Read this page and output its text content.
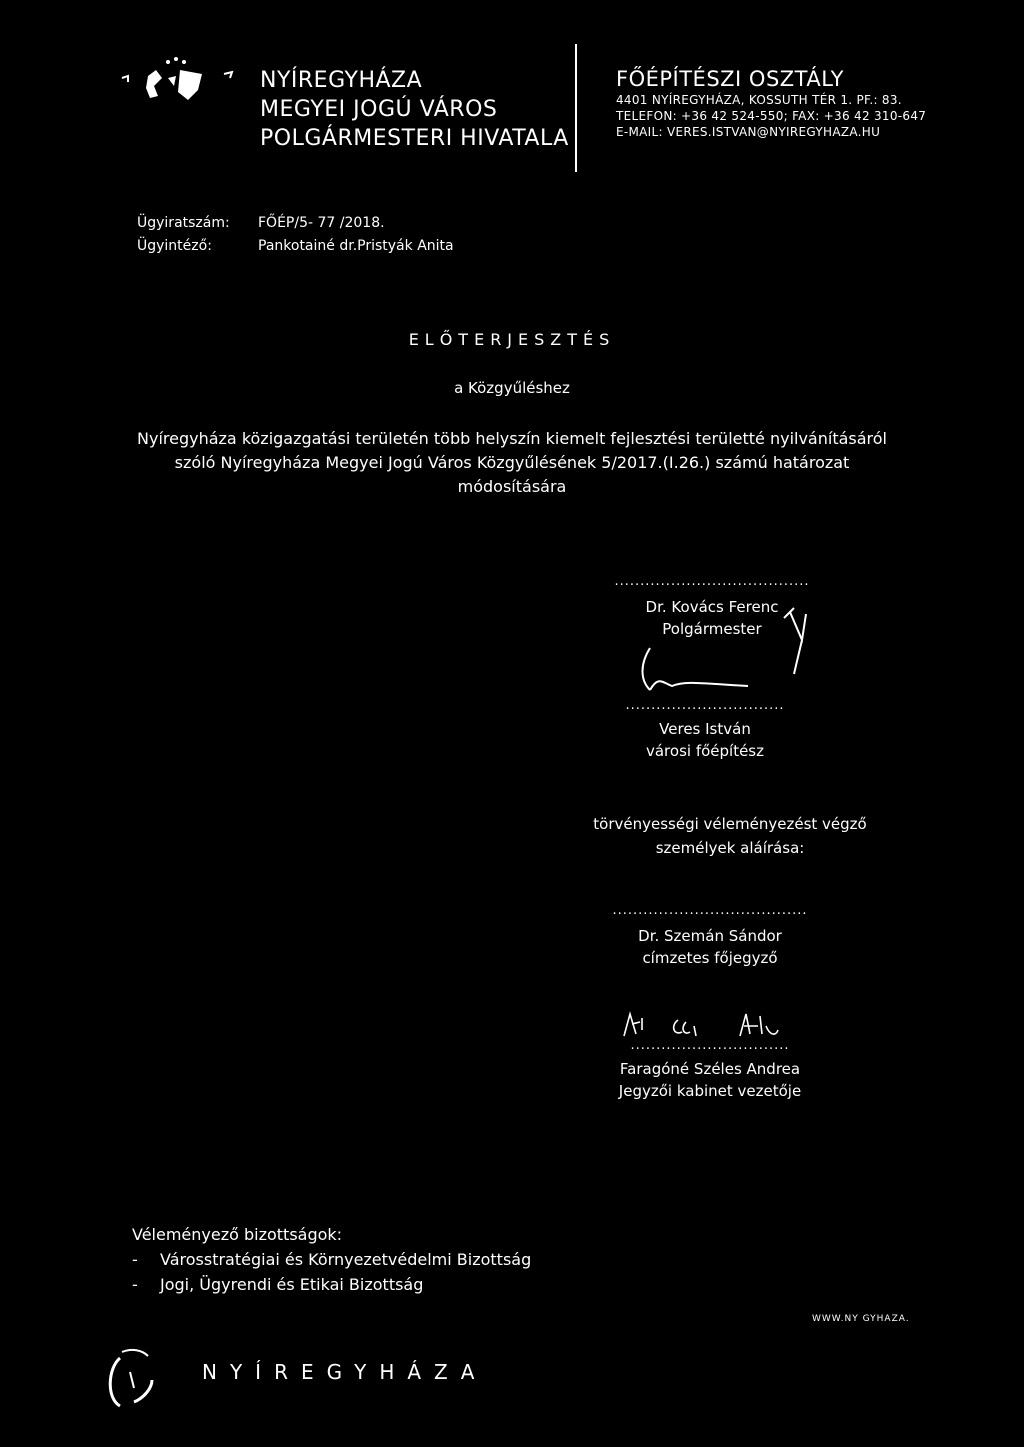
NYÍREGYHÁZA
MEGYEI JOGÚ VÁROS
POLGÁRMESTERI HIVATALA
FŐÉPÍTÉSZI OSZTÁLY
4401 NYÍREGYHÁZA, KOSSUTH TÉR 1. PF.: 83.
TELEFON: +36 42 524-550; FAX: +36 42 310-647
E-MAIL: VERES.ISTVAN@NYIREGYHAZA.HU
Ügyiratszám: FŐÉP/5- 77 /2018.
Ügyintéző:	Pankotainé dr.Pristyák Anita
ELŐTERJESZTÉS
a Közgyűléshez
Nyíregyháza közigazgatási területén több helyszín kiemelt fejlesztési területté nyilvánításáról
szóló Nyíregyháza Megyei Jogú Város Közgyűlésének 5/2017.(I.26.) számú határozat
módosítására
......................................
Dr. Kovács Ferenc
Polgármester
...............................
Veres István
városi főépítész
törvényességi véleményezést végző
személyek aláírása:
......................................
Dr. Szemán Sándor
címzetes főjegyző
...............................
Faragóné Széles Andrea
Jegyzői kabinet vezetője
Véleményező bizottságok:
- Városstratégiai és Környezetvédelmi Bizottság
- Jogi, Ügyrendi és Etikai Bizottság
WWW.NY GYHAZA.
NYÍREGYHÁZA
